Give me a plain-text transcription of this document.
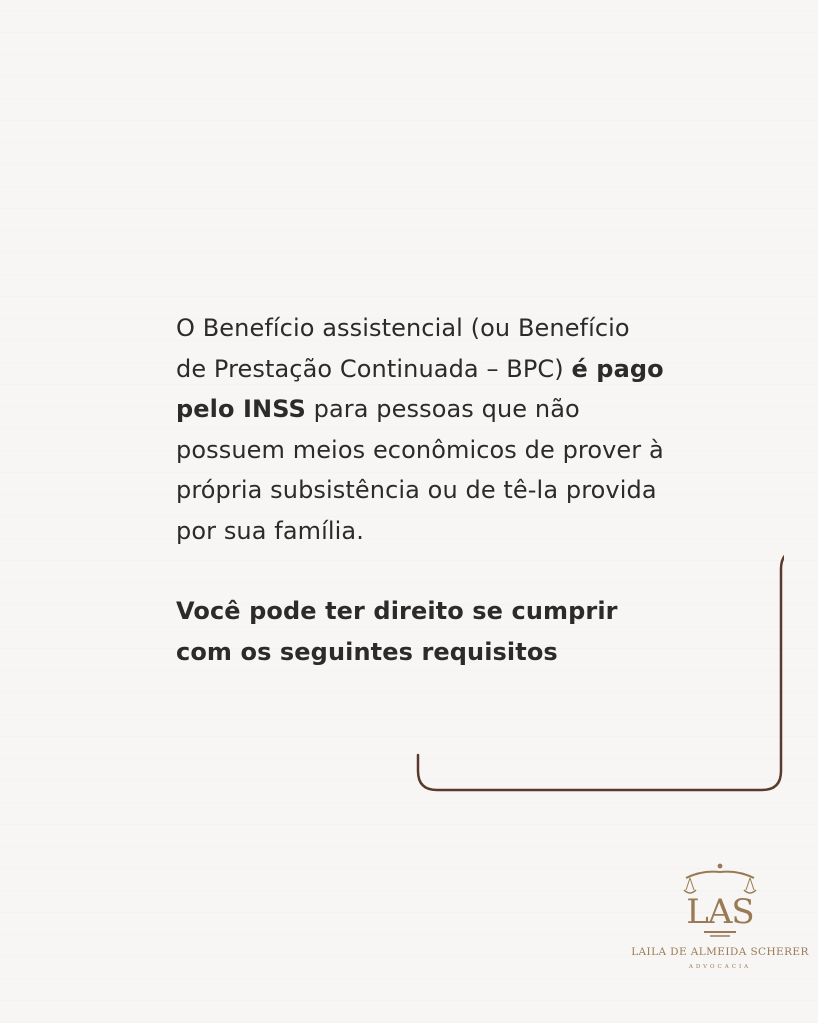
O Benefício assistencial (ou Benefício de Prestação Continuada – BPC) é pago pelo INSS para pessoas que não possuem meios econômicos de prover à própria subsistência ou de tê-la provida por sua família.

Você pode ter direito se cumprir com os seguintes requisitos

LAS
LAILA DE ALMEIDA SCHERER
ADVOCACIA
